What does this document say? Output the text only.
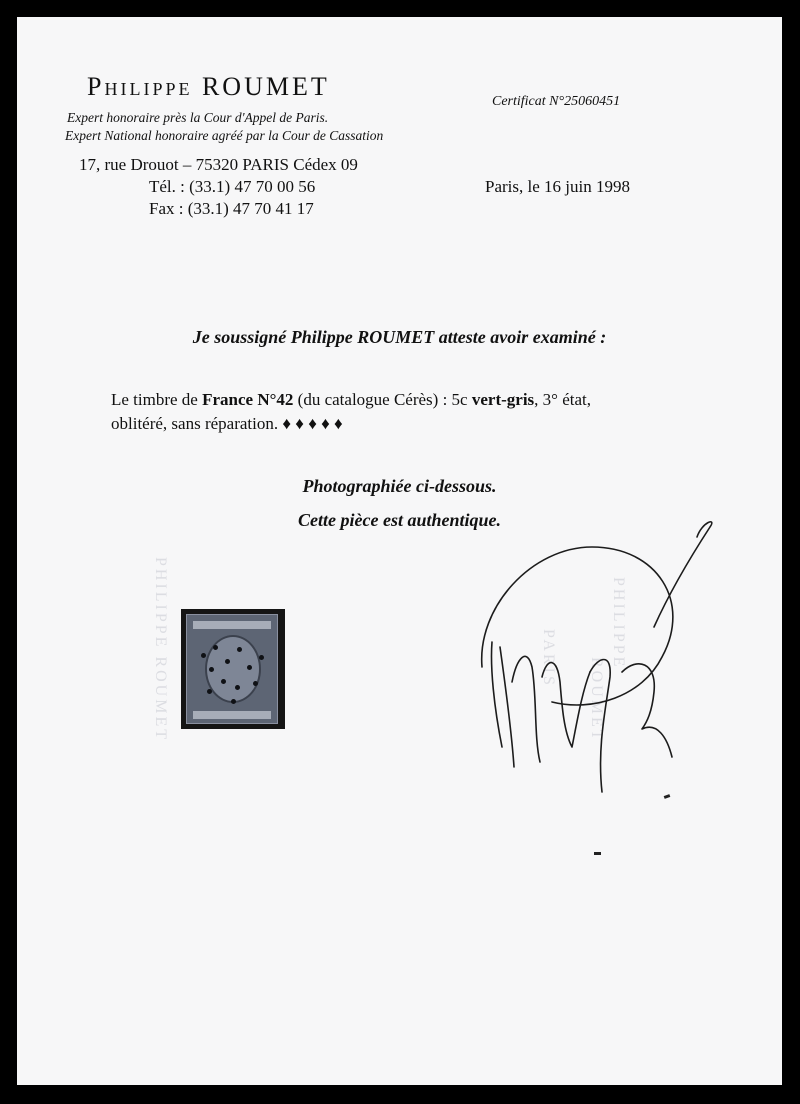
Philippe ROUMET
Expert honoraire près la Cour d'Appel de Paris.
Expert National honoraire agréé par la Cour de Cassation
17, rue Drouot – 75320 PARIS Cédex 09
Tél. : (33.1) 47 70 00 56
Fax : (33.1) 47 70 41 17
Certificat N°25060451
Paris, le 16 juin 1998
Je soussigné Philippe ROUMET atteste avoir examiné :
Le timbre de France N°42 (du catalogue Cérès) : 5c vert-gris, 3° état,
oblitéré, sans réparation. ♦ ♦ ♦ ♦ ♦
Photographiée ci-dessous.
Cette pièce est authentique.
PHILIPPE ROUMET	PHILIPPE
ROUMET
PARIS
